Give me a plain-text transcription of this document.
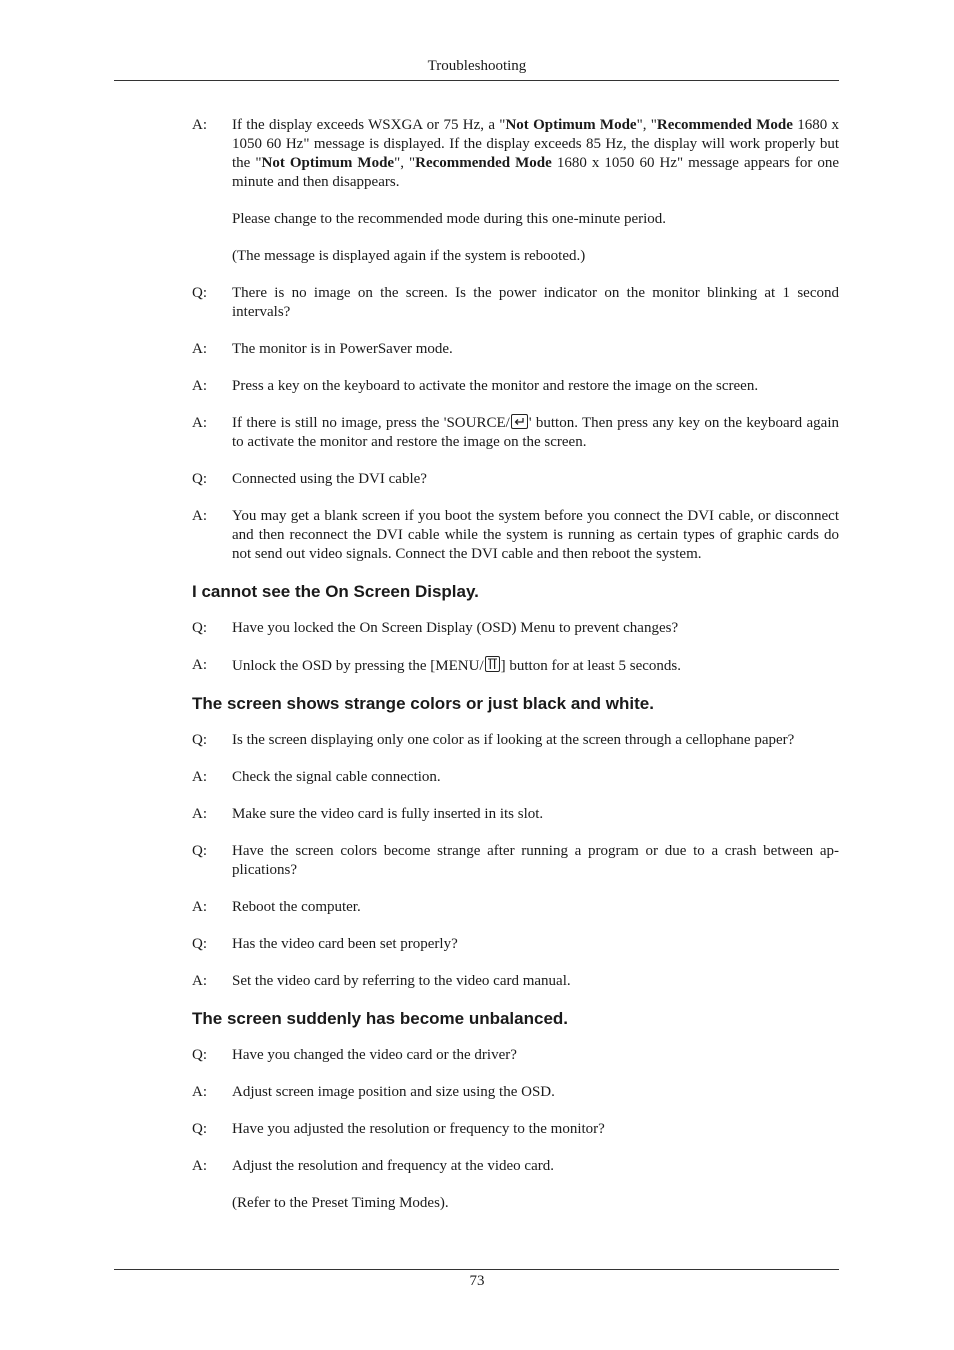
Troubleshooting
A:	If the display exceeds WSXGA or 75 Hz, a "Not Optimum Mode", "Recommended Mode 1680 x 1050 60 Hz" message is displayed. If the display exceeds 85 Hz, the display will work properly but the "Not Optimum Mode", "Recommended Mode 1680 x 1050 60 Hz" message appears for one minute and then disappears.
Please change to the recommended mode during this one-minute period.
(The message is displayed again if the system is rebooted.)
Q:	There is no image on the screen. Is the power indicator on the monitor blinking at 1 second intervals?
A:	The monitor is in PowerSaver mode.
A:	Press a key on the keyboard to activate the monitor and restore the image on the screen.
A:	If there is still no image, press the 'SOURCE/ ' button. Then press any key on the keyboard again to activate the monitor and restore the image on the screen.
Q:	Connected using the DVI cable?
A:	You may get a blank screen if you boot the system before you connect the DVI cable, or disconnect and then reconnect the DVI cable while the system is running as certain types of graphic cards do not send out video signals. Connect the DVI cable and then reboot the system.
I cannot see the On Screen Display.
Q:	Have you locked the On Screen Display (OSD) Menu to prevent changes?
A:	Unlock the OSD by pressing the [MENU/ ] button for at least 5 seconds.
The screen shows strange colors or just black and white.
Q:	Is the screen displaying only one color as if looking at the screen through a cellophane paper?
A:	Check the signal cable connection.
A:	Make sure the video card is fully inserted in its slot.
Q:	Have the screen colors become strange after running a program or due to a crash between applications?
A:	Reboot the computer.
Q:	Has the video card been set properly?
A:	Set the video card by referring to the video card manual.
The screen suddenly has become unbalanced.
Q:	Have you changed the video card or the driver?
A:	Adjust screen image position and size using the OSD.
Q:	Have you adjusted the resolution or frequency to the monitor?
A:	Adjust the resolution and frequency at the video card.
(Refer to the Preset Timing Modes).
73
